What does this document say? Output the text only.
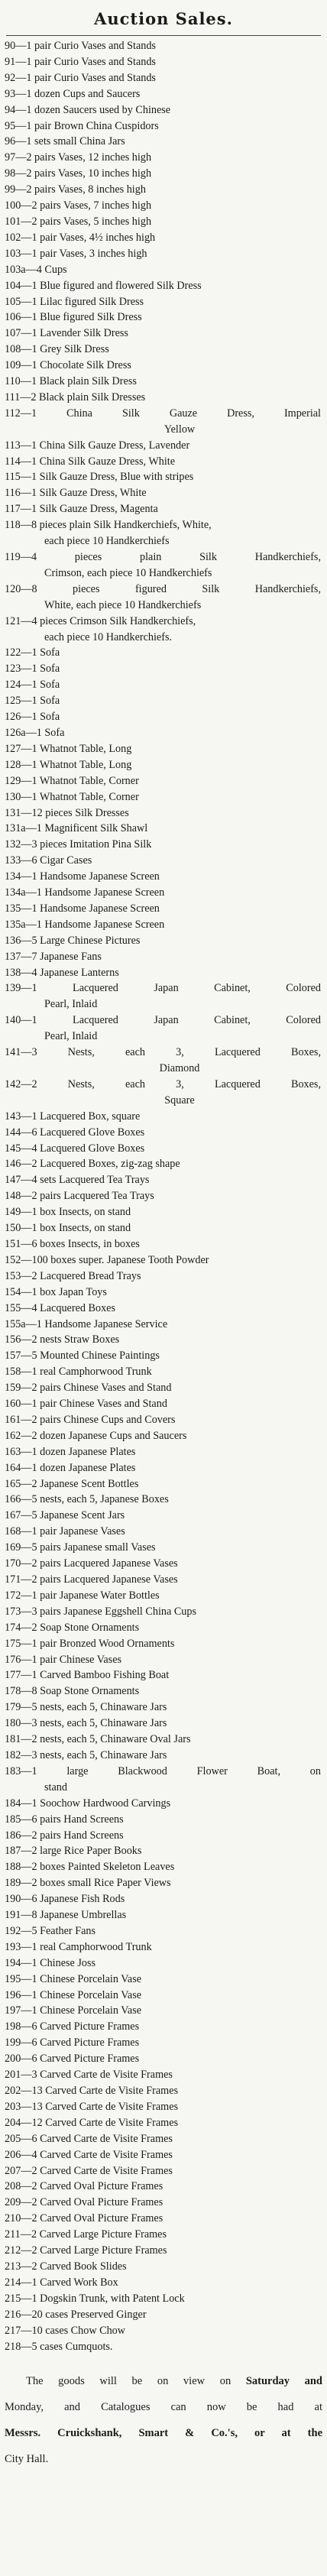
Auction Sales.
90—1 pair Curio Vases and Stands
91—1 pair Curio Vases and Stands
92—1 pair Curio Vases and Stands
93—1 dozen Cups and Saucers
94—1 dozen Saucers used by Chinese
95—1 pair Brown China Cuspidors
96—1 sets small China Jars
97—2 pairs Vases, 12 inches high
98—2 pairs Vases, 10 inches high
99—2 pairs Vases, 8 inches high
100—2 pairs Vases, 7 inches high
101—2 pairs Vases, 5 inches high
102—1 pair Vases, 4½ inches high
103—1 pair Vases, 3 inches high
103a—4 Cups
104—1 Blue figured and flowered Silk Dress
105—1 Lilac figured Silk Dress
106—1 Blue figured Silk Dress
107—1 Lavender Silk Dress
108—1 Grey Silk Dress
109—1 Chocolate Silk Dress
110—1 Black plain Silk Dress
111—2 Black plain Silk Dresses
112—1 China Silk Gauze Dress, Imperial
Yellow
113—1 China Silk Gauze Dress, Lavender
114—1 China Silk Gauze Dress, White
115—1 Silk Gauze Dress, Blue with stripes
116—1 Silk Gauze Dress, White
117—1 Silk Gauze Dress, Magenta
118—8 pieces plain Silk Handkerchiefs, White,
each piece 10 Handkerchiefs
119—4 pieces plain Silk Handkerchiefs,
Crimson, each piece 10 Handkerchiefs
120—8 pieces figured Silk Handkerchiefs,
White, each piece 10 Handkerchiefs
121—4 pieces Crimson Silk Handkerchiefs,
each piece 10 Handkerchiefs.
122—1 Sofa
123—1 Sofa
124—1 Sofa
125—1 Sofa
126—1 Sofa
126a—1 Sofa
127—1 Whatnot Table, Long
128—1 Whatnot Table, Long
129—1 Whatnot Table, Corner
130—1 Whatnot Table, Corner
131—12 pieces Silk Dresses
131a—1 Magnificent Silk Shawl
132—3 pieces Imitation Pina Silk
133—6 Cigar Cases
134—1 Handsome Japanese Screen
134a—1 Handsome Japanese Screen
135—1 Handsome Japanese Screen
135a—1 Handsome Japanese Screen
136—5 Large Chinese Pictures
137—7 Japanese Fans
138—4 Japanese Lanterns
139—1 Lacquered Japan Cabinet, Colored
Pearl, Inlaid
140—1 Lacquered Japan Cabinet, Colored
Pearl, Inlaid
141—3 Nests, each 3, Lacquered Boxes,
Diamond
142—2 Nests, each 3, Lacquered Boxes,
Square
143—1 Lacquered Box, square
144—6 Lacquered Glove Boxes
145—4 Lacquered Glove Boxes
146—2 Lacquered Boxes, zig-zag shape
147—4 sets Lacquered Tea Trays
148—2 pairs Lacquered Tea Trays
149—1 box Insects, on stand
150—1 box Insects, on stand
151—6 boxes Insects, in boxes
152—100 boxes super. Japanese Tooth Powder
153—2 Lacquered Bread Trays
154—1 box Japan Toys
155—4 Lacquered Boxes
155a—1 Handsome Japanese Service
156—2 nests Straw Boxes
157—5 Mounted Chinese Paintings
158—1 real Camphorwood Trunk
159—2 pairs Chinese Vases and Stand
160—1 pair Chinese Vases and Stand
161—2 pairs Chinese Cups and Covers
162—2 dozen Japanese Cups and Saucers
163—1 dozen Japanese Plates
164—1 dozen Japanese Plates
165—2 Japanese Scent Bottles
166—5 nests, each 5, Japanese Boxes
167—5 Japanese Scent Jars
168—1 pair Japanese Vases
169—5 pairs Japanese small Vases
170—2 pairs Lacquered Japanese Vases
171—2 pairs Lacquered Japanese Vases
172—1 pair Japanese Water Bottles
173—3 pairs Japanese Eggshell China Cups
174—2 Soap Stone Ornaments
175—1 pair Bronzed Wood Ornaments
176—1 pair Chinese Vases
177—1 Carved Bamboo Fishing Boat
178—8 Soap Stone Ornaments
179—5 nests, each 5, Chinaware Jars
180—3 nests, each 5, Chinaware Jars
181—2 nests, each 5, Chinaware Oval Jars
182—3 nests, each 5, Chinaware Jars
183—1 large Blackwood Flower Boat, on
stand
184—1 Soochow Hardwood Carvings
185—6 pairs Hand Screens
186—2 pairs Hand Screens
187—2 large Rice Paper Books
188—2 boxes Painted Skeleton Leaves
189—2 boxes small Rice Paper Views
190—6 Japanese Fish Rods
191—8 Japanese Umbrellas
192—5 Feather Fans
193—1 real Camphorwood Trunk
194—1 Chinese Joss
195—1 Chinese Porcelain Vase
196—1 Chinese Porcelain Vase
197—1 Chinese Porcelain Vase
198—6 Carved Picture Frames
199—6 Carved Picture Frames
200—6 Carved Picture Frames
201—3 Carved Carte de Visite Frames
202—13 Carved Carte de Visite Frames
203—13 Carved Carte de Visite Frames
204—12 Carved Carte de Visite Frames
205—6 Carved Carte de Visite Frames
206—4 Carved Carte de Visite Frames
207—2 Carved Carte de Visite Frames
208—2 Carved Oval Picture Frames
209—2 Carved Oval Picture Frames
210—2 Carved Oval Picture Frames
211—2 Carved Large Picture Frames
212—2 Carved Large Picture Frames
213—2 Carved Book Slides
214—1 Carved Work Box
215—1 Dogskin Trunk, with Patent Lock
216—20 cases Preserved Ginger
217—10 cases Chow Chow
218—5 cases Cumquots.

The goods will be on view on Saturday and

Monday, and Catalogues can now be had at

Messrs. Cruickshank, Smart & Co.'s, or at the

City Hall.
